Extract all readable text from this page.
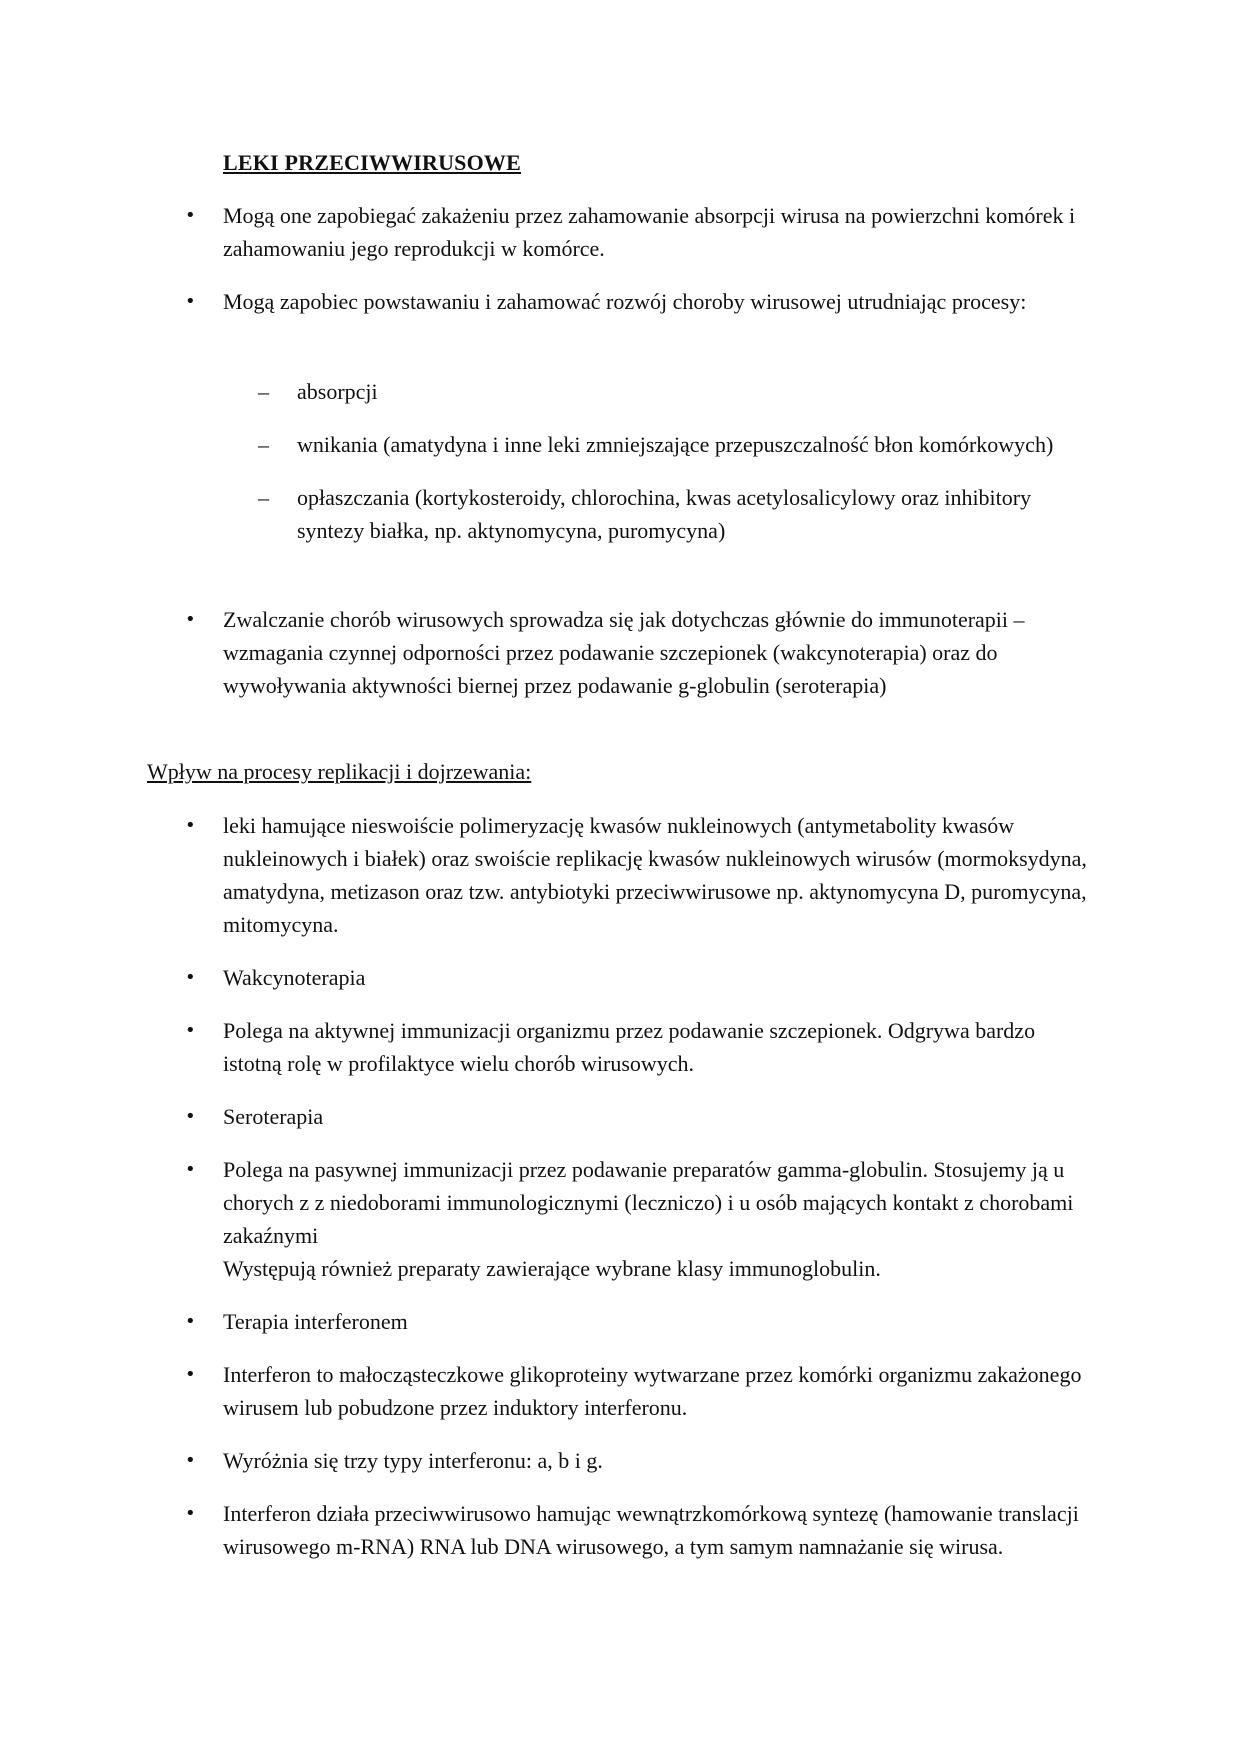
LEKI PRZECIWWIRUSOWE
• Mogą one zapobiegać zakażeniu przez zahamowanie absorpcji wirusa na powierzchni komórek i zahamowaniu jego reprodukcji w komórce.

• Mogą zapobiec powstawaniu i zahamować rozwój choroby wirusowej utrudniając procesy:

– absorpcji

– wnikania (amatydyna i inne leki zmniejszające przepuszczalność błon komórkowych)

– opłaszczania (kortykosteroidy, chlorochina, kwas acetylosalicylowy oraz inhibitory syntezy białka, np. aktynomycyna, puromycyna)

• Zwalczanie chorób wirusowych sprowadza się jak dotychczas głównie do immunoterapii – wzmagania czynnej odporności przez podawanie szczepionek (wakcynoterapia) oraz do wywoływania aktywności biernej przez podawanie g-globulin (seroterapia)

Wpływ na procesy replikacji i dojrzewania:

• leki hamujące nieswoiście polimeryzację kwasów nukleinowych (antymetabolity kwasów nukleinowych i białek) oraz swoiście replikację kwasów nukleinowych wirusów (mormoksydyna, amatydyna, metizason oraz tzw. antybiotyki przeciwwirusowe np. aktynomycyna D, puromycyna, mitomycyna.

• Wakcynoterapia

• Polega na aktywnej immunizacji organizmu przez podawanie szczepionek. Odgrywa bardzo istotną rolę w profilaktyce wielu chorób wirusowych.

• Seroterapia

• Polega na pasywnej immunizacji przez podawanie preparatów gamma-globulin. Stosujemy ją u chorych z z niedoborami immunologicznymi (leczniczo) i u osób mających kontakt z chorobami zakaźnymi

Występują również preparaty zawierające wybrane klasy immunoglobulin.

• Terapia interferonem

• Interferon to małocząsteczkowe glikoproteiny wytwarzane przez komórki organizmu zakażonego wirusem lub pobudzone przez induktory interferonu.

• Wyróżnia się trzy typy interferonu: a, b i g.

• Interferon działa przeciwwirusowo hamując wewnątrzkomórkową syntezę (hamowanie translacji wirusowego m-RNA) RNA lub DNA wirusowego, a tym samym namnażanie się wirusa.
